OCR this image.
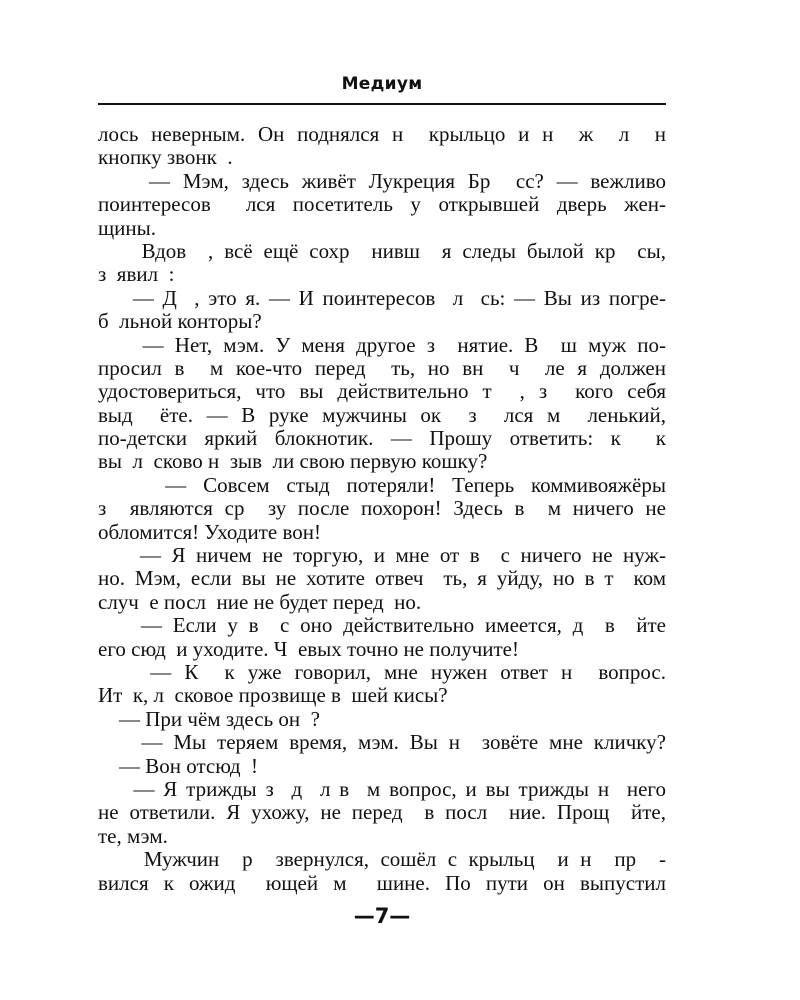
Медиум
лось неверным. Он поднялся н  крыльцо и н  ж  л  н
кнопку звонк  .
— Мэм, здесь живёт Лукреция Бр  сс? — вежливо
поинтересов  лся посетитель у открывшей дверь жен-
щины.
Вдов  , всё ещё сохр  нивш  я следы былой кр  сы,
з  явил  :
— Д  , это я. — И поинтересов  л  сь: — Вы из погре-
б  льной конторы?
— Нет, мэм. У меня другое з  нятие. В  ш муж по-
просил в  м кое-что перед  ть, но вн  ч  ле я должен
удостовериться, что вы действительно т  , з  кого себя
выд  ёте. — В руке мужчины ок  з  лся м  ленький,
по-детски яркий блокнотик. — Прошу ответить: к  к
вы  л  сково н  зыв  ли свою первую кошку?
— Совсем стыд потеряли! Теперь коммивояжёры
з  являются ср  зу после похорон! Здесь в  м ничего не
обломится! Уходите вон!
— Я ничем не торгую, и мне от в  с ничего не нуж-
но. Мэм, если вы не хотите отвеч  ть, я уйду, но в т  ком
случ  е посл  ние не будет перед  но.
— Если у в  с оно действительно имеется, д  в  йте
его сюд  и уходите. Ч  евых точно не получите!
— К  к уже говорил, мне нужен ответ н  вопрос.
Ит  к, л  сковое прозвище в  шей кисы?
— При чём здесь он  ?
— Мы теряем время, мэм. Вы н  зовёте мне кличку?
— Вон отсюд  !
— Я трижды з  д  л в  м вопрос, и вы трижды н  него
не ответили. Я ухожу, не перед  в посл  ние. Прощ  йте,
те, мэм.
Мужчин  р  звернулся, сошёл с крыльц  и н  пр  -
вился к ожид  ющей м  шине. По пути он выпустил
—7—
